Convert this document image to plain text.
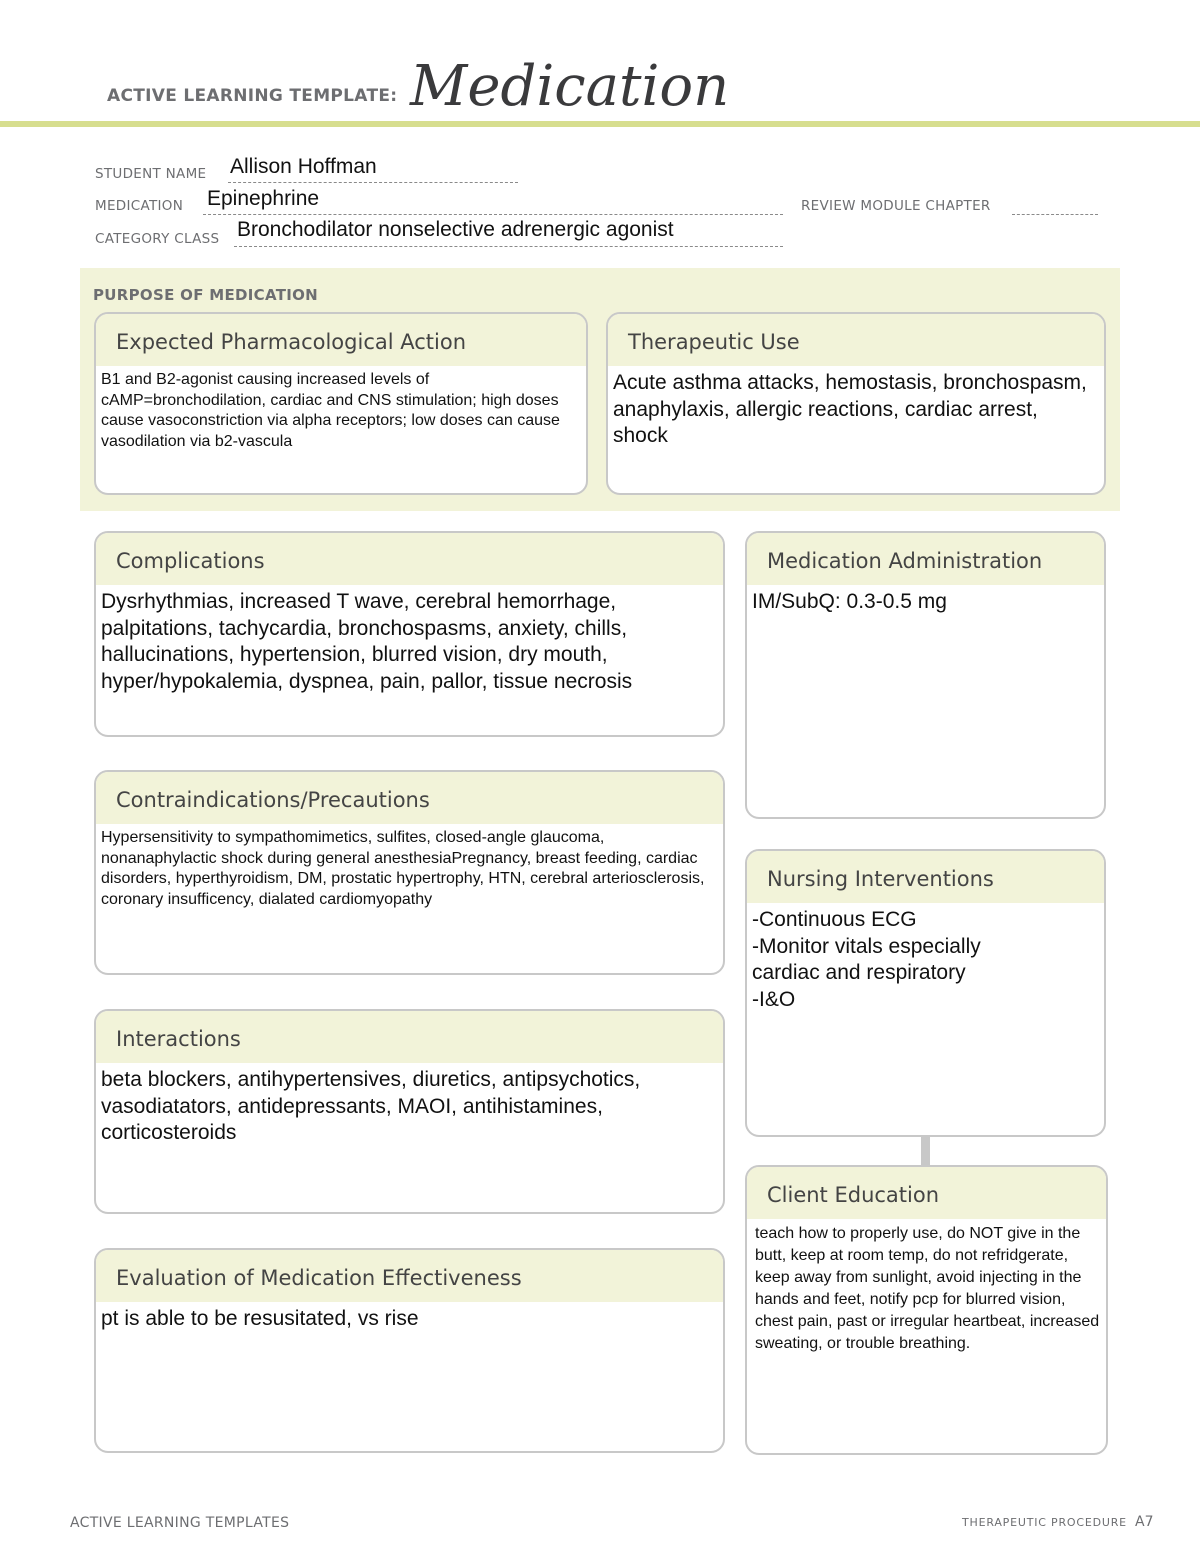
ACTIVE LEARNING TEMPLATE: Medication
STUDENT NAME Allison Hoffman
MEDICATION Epinephrine	REVIEW MODULE CHAPTER
CATEGORY CLASS Bronchodilator nonselective adrenergic agonist
PURPOSE OF MEDICATION
Expected Pharmacological Action
B1 and B2-agonist causing increased levels of cAMP=bronchodilation, cardiac and CNS stimulation; high doses cause vasoconstriction via alpha receptors; low doses can cause vasodilation via b2-vascula
Therapeutic Use
Acute asthma attacks, hemostasis, bronchospasm, anaphylaxis, allergic reactions, cardiac arrest, shock
Complications
Dysrhythmias, increased T wave, cerebral hemorrhage, palpitations, tachycardia, bronchospasms, anxiety, chills, hallucinations, hypertension, blurred vision, dry mouth, hyper/hypokalemia, dyspnea, pain, pallor, tissue necrosis
Medication Administration
IM/SubQ: 0.3-0.5 mg
Contraindications/Precautions
Hypersensitivity to sympathomimetics, sulfites, closed-angle glaucoma, nonanaphylactic shock during general anesthesiaPregnancy, breast feeding, cardiac disorders, hyperthyroidism, DM, prostatic hypertrophy, HTN, cerebral arteriosclerosis, coronary insufficency, dialated cardiomyopathy
Nursing Interventions
-Continuous ECG
-Monitor vitals especially
cardiac and respiratory
-I&O
Interactions
beta blockers, antihypertensives, diuretics, antipsychotics, vasodiatators, antidepressants, MAOI, antihistamines, corticosteroids
Client Education
teach how to properly use, do NOT give in the butt, keep at room temp, do not refridgerate, keep away from sunlight, avoid injecting in the hands and feet, notify pcp for blurred vision, chest pain, past or irregular heartbeat, increased sweating, or trouble breathing.
Evaluation of Medication Effectiveness
pt is able to be resusitated, vs rise
ACTIVE LEARNING TEMPLATES	THERAPEUTIC PROCEDURE A7
